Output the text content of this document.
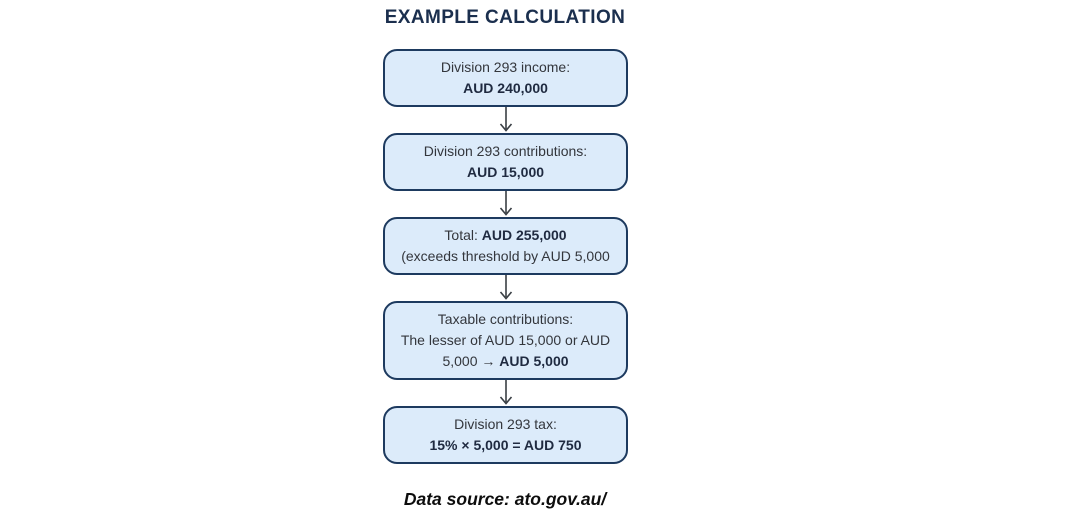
EXAMPLE CALCULATION
Division 293 income:
AUD 240,000
Division 293 contributions:
AUD 15,000
Total: AUD 255,000
(exceeds threshold by AUD 5,000
Taxable contributions:
The lesser of AUD 15,000 or AUD
5,000 → AUD 5,000
Division 293 tax:
15% × 5,000 = AUD 750
Data source: ato.gov.au/
